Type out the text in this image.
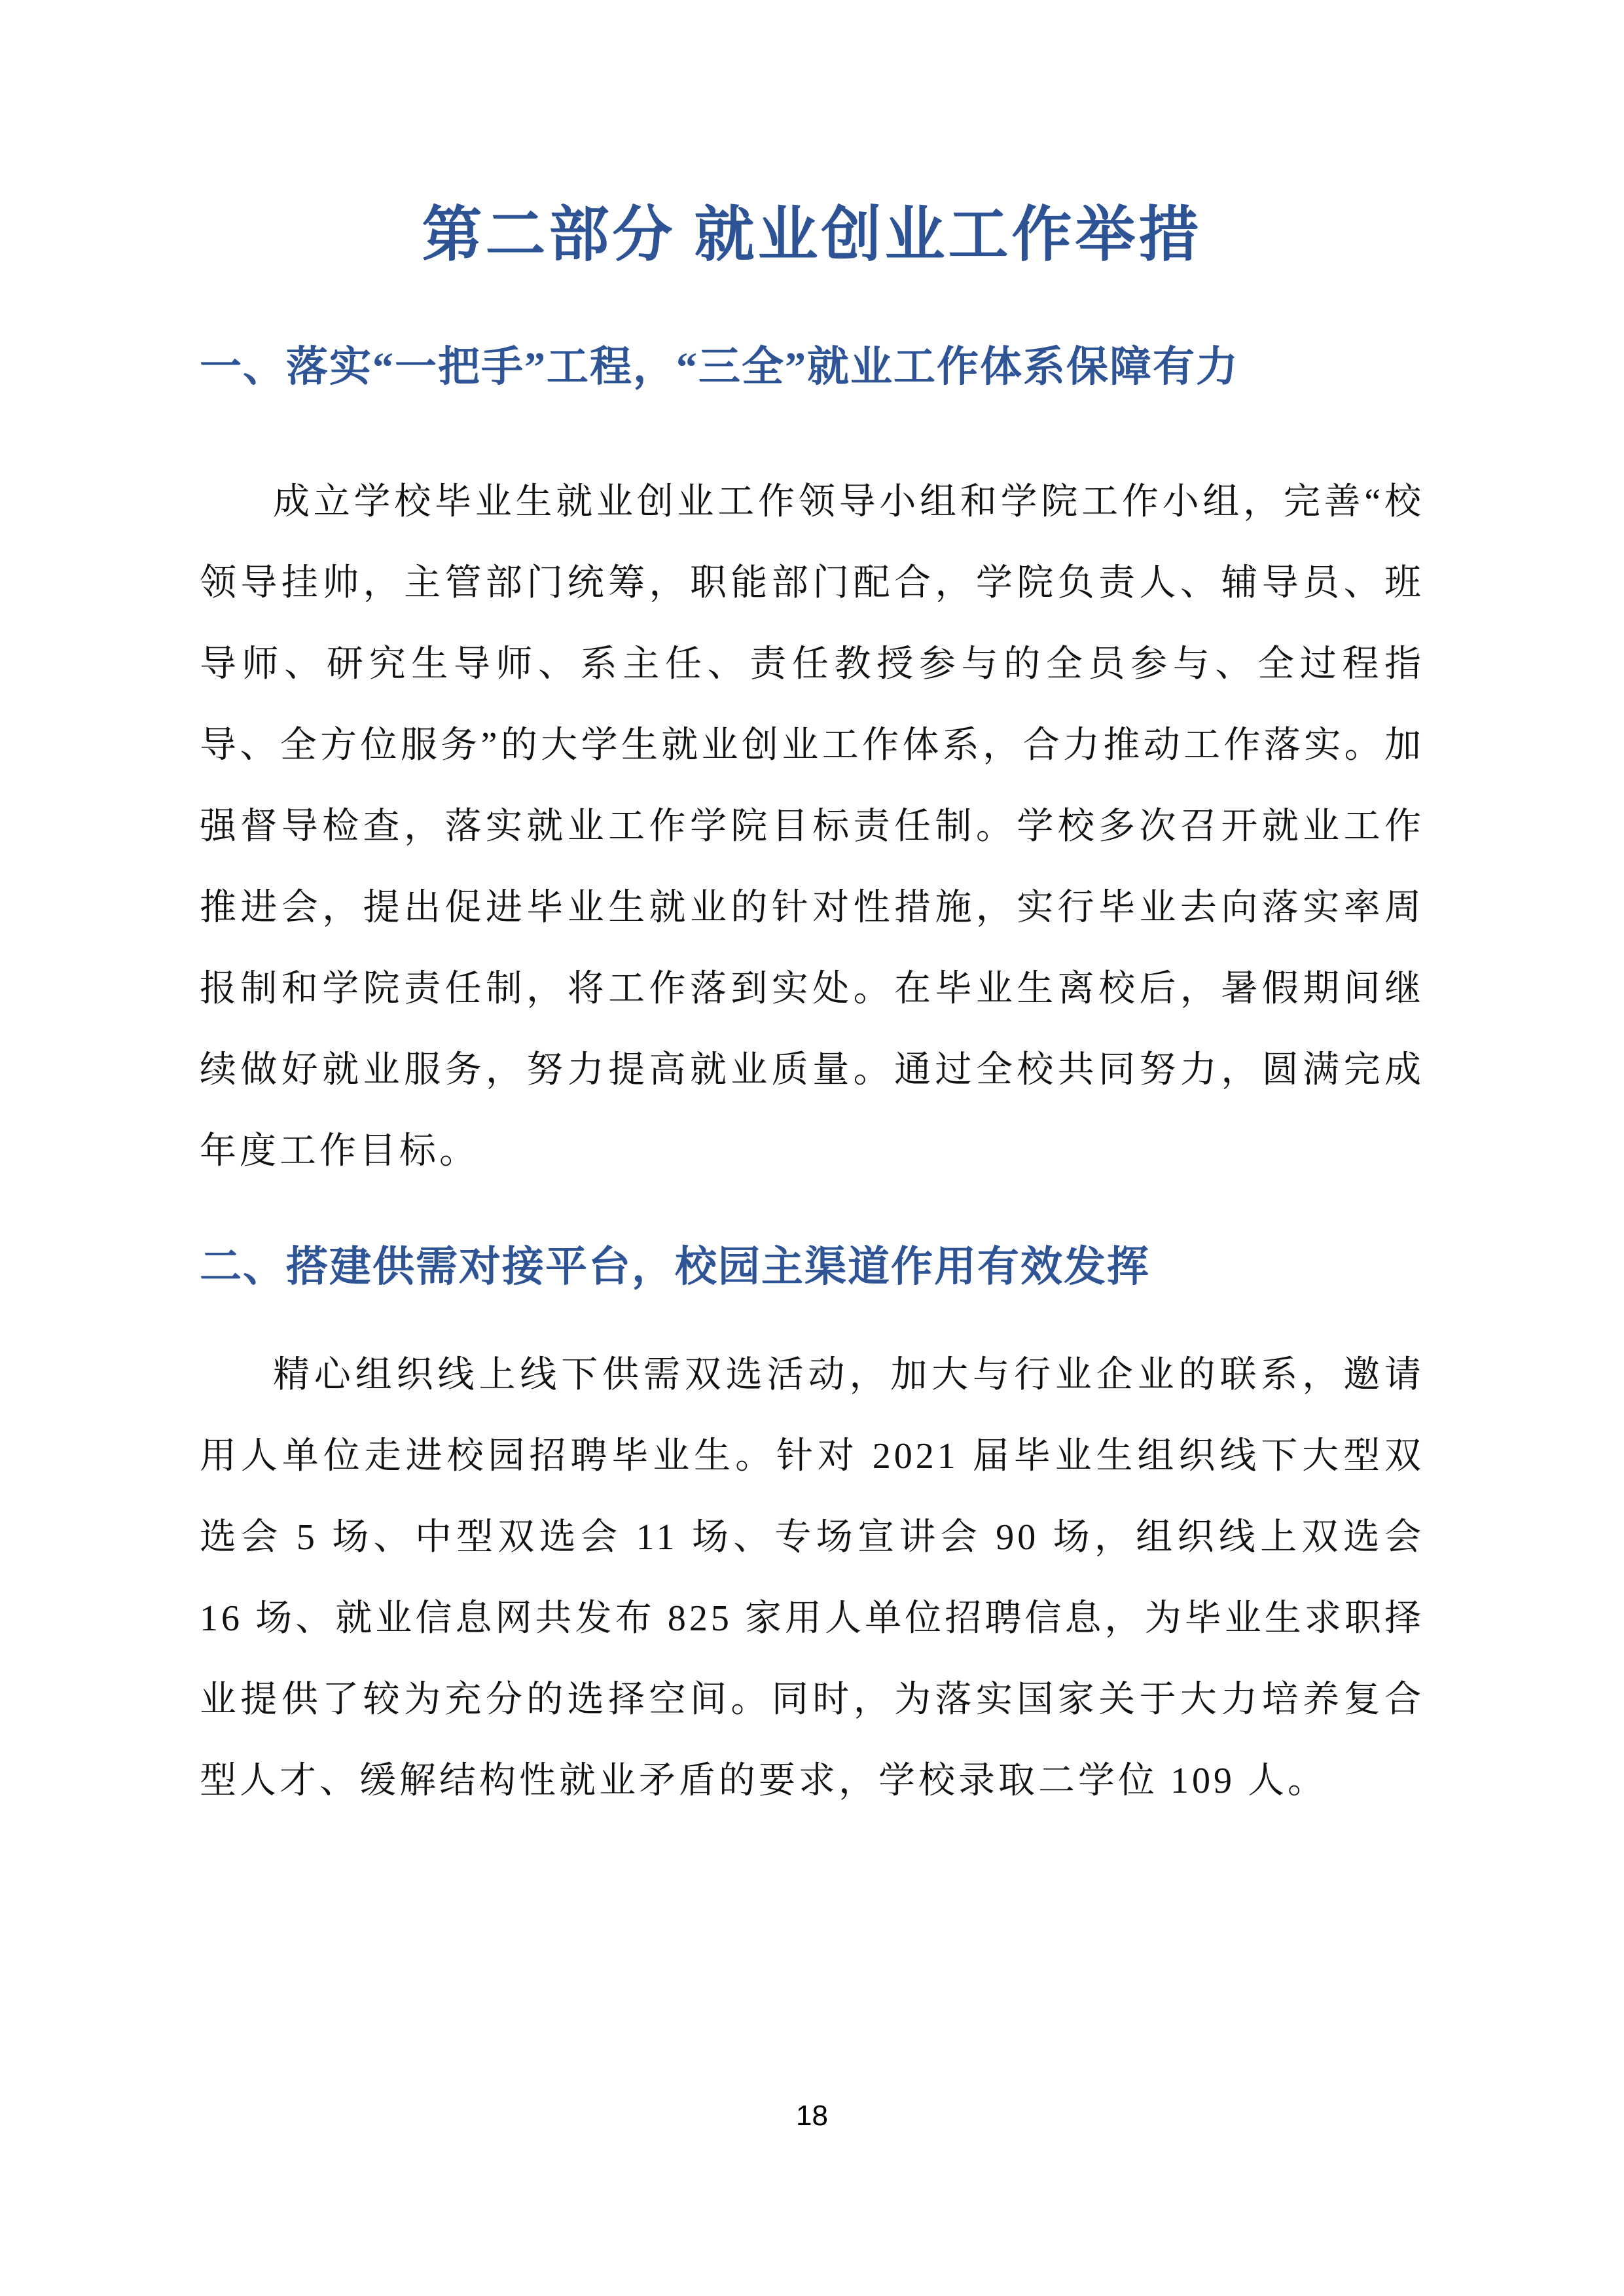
第二部分 就业创业工作举措
一、落实“一把手”工程，“三全”就业工作体系保障有力

成立学校毕业生就业创业工作领导小组和学院工作小组，完善“校领导挂帅，主管部门统筹，职能部门配合，学院负责人、辅导员、班导师、研究生导师、系主任、责任教授参与的全员参与、全过程指导、全方位服务”的大学生就业创业工作体系，合力推动工作落实。加强督导检查，落实就业工作学院目标责任制。学校多次召开就业工作推进会，提出促进毕业生就业的针对性措施，实行毕业去向落实率周报制和学院责任制，将工作落到实处。在毕业生离校后，暑假期间继续做好就业服务，努力提高就业质量。通过全校共同努力，圆满完成年度工作目标。

二、搭建供需对接平台，校园主渠道作用有效发挥

精心组织线上线下供需双选活动，加大与行业企业的联系，邀请用人单位走进校园招聘毕业生。针对 2021 届毕业生组织线下大型双选会 5 场、中型双选会 11 场、专场宣讲会 90 场，组织线上双选会 16 场、就业信息网共发布 825 家用人单位招聘信息，为毕业生求职择业提供了较为充分的选择空间。同时，为落实国家关于大力培养复合型人才、缓解结构性就业矛盾的要求，学校录取二学位 109 人。

18
